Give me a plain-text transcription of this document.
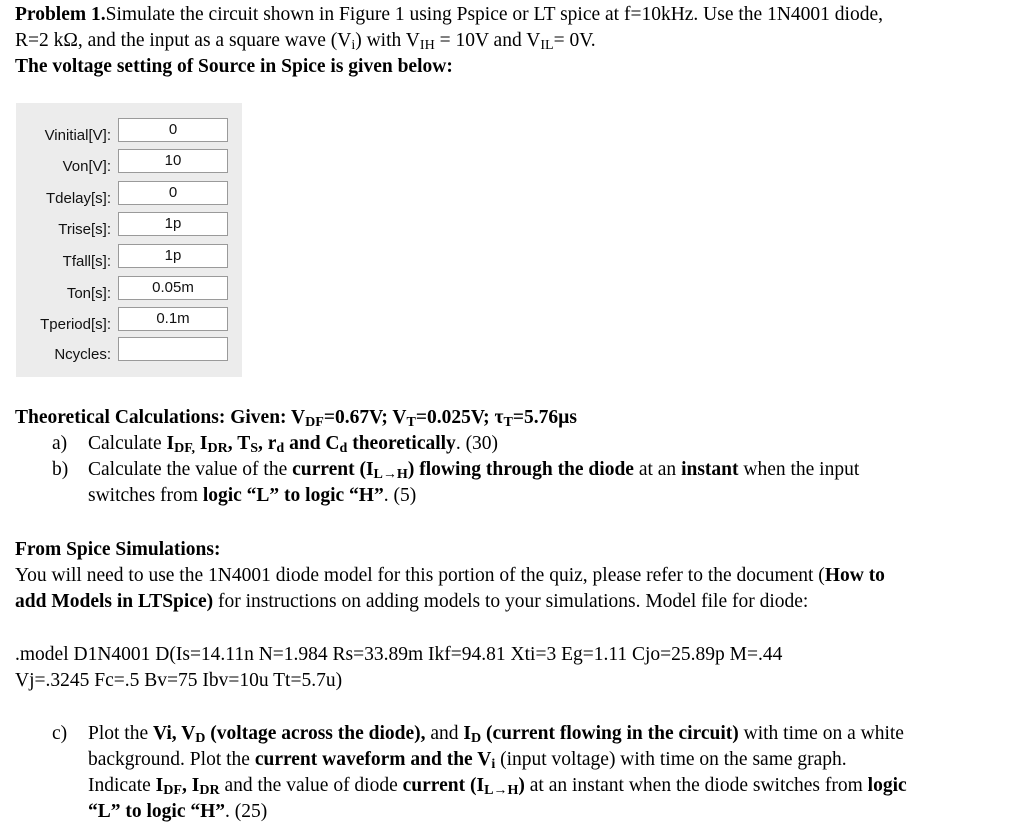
Problem 1.Simulate the circuit shown in Figure 1 using Pspice or LT spice at f=10kHz. Use the 1N4001 diode,
R=2 kΩ, and the input as a square wave $(V_i)$ with $V_{IH} = 10V$ and $V_{IL}= 0V$.
The voltage setting of Source in Spice is given below:
Vinitial[V]:	0
Von[V]:	10
Tdelay[s]:	0
Trise[s]:	1p
Tfall[s]:	1p
Ton[s]:	0.05m
Tperiod[s]:	0.1m
Ncycles:
Theoretical Calculations: Given: $V_{DF}=0.67V$; $V_T=0.025V$; $\tau_T=5.76\mu s$
a) Calculate $I_{DF,}$ $I_{DR}$, $T_S$, $r_d$ and $C_d$ theoretically. (30)
b) Calculate the value of the current $(I_{L\to H})$ flowing through the diode at an instant when the input
switches from logic “L” to logic “H”. (5)
From Spice Simulations:
You will need to use the 1N4001 diode model for this portion of the quiz, please refer to the document (How to
add Models in LTSpice) for instructions on adding models to your simulations. Model file for diode:
.model D1N4001 D(Is=14.11n N=1.984 Rs=33.89m Ikf=94.81 Xti=3 Eg=1.11 Cjo=25.89p M=.44
Vj=.3245 Fc=.5 Bv=75 Ibv=10u Tt=5.7u)
c) Plot the Vi, $V_D$ (voltage across the diode), and $I_D$ (current flowing in the circuit) with time on a white
background. Plot the current waveform and the $V_i$ (input voltage) with time on the same graph.
Indicate $I_{DF}$, $I_{DR}$ and the value of diode current $(I_{L\to H})$ at an instant when the diode switches from logic
“L” to logic “H”. (25)
